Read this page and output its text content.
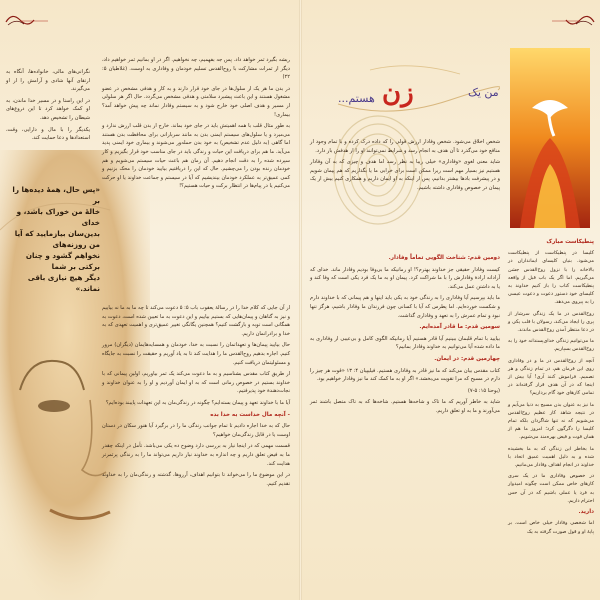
نگرانی‌های مالی، خانواده‌ها، آنگاه به ارتقای آنها شادی و آرامش را از او می‌گیرند.

در این راستا و در مسیر خدا ماندن، به او کمک خواهد کرد تا این دروغ‌های شیطان را تشخیص دهد.

یکدیگر را با مال و دارایی، وقت، استعدادها و دعا حمایت کند.

«پس حال، همهٔ دیده‌ها را بر
خالهٔ من خوراک باشد، و خدای
بدین‌سان بیازمایید که آیا من روزنه‌های
نخواهم گشود و چنان برکتی بر شما
دیگر هیچ نیازی باقی نماند.»

ریشه بگیرد ثمر خواهد داد. پس جه بفهمیم، چه نخواهیم. اگر در او بمانیم ثمر خواهیم داد، دیگر از ثمرات مشارکت با روح‌القدس تسلیم خودمان و وفاداری به اوست. (غلاطیان ۵: ۲۲)

در بدن ما هر یک از سلول‌ها در جای خود قرار دارند و به کار و هدفی مشخص در عضو مشغول هستند و این باعث پیشبرد سلامتی و هدفی مشخص می‌گردد. حال اگر هر سلولی از مسیر و هدف اصلی خود خارج شود و به سیستم وفادار نماند چه پیش خواهد آمد؟ بیماری!

به طور مثال قلب با همه اهمیتش باید در جای خود بماند. خارج از بدن قلب ارزش ندارد و می‌میرد و یا سلول‌های سیستم ایمنی بدن به مانند سربازانی برای محافظت بدن هستند اما گاهی (به دلیل عدم تشخیص) به خود بدن حمله‌ور می‌شوند و بیماری خود ایمنی پدید می‌آید. ما هم برای دریافت این حیات و زندگی باید در جای مناسب خود قرار بگیریم و کار سپرده شده را به دقت انجام دهیم. آن زمان هم باعث حیات سیستم می‌شویم و هم خودمان زنده بودن را می‌چشیم. حال که این را دریافتیم بیایید خودمان را محک بزنیم و کمی عمیق‌تر به عملکرد خودمان بیندیشیم که آیا در سیستم و جماعت خداوند یا او حرکت می‌کنیم یا در پیام‌ها در انتظار برکت و حیات هستیم؟!

از آن جایی که کلام خدا را در رسالهٔ یعقوب باب ۵: ۵ دعوت می‌کند تا چه ما به ما نه بیاییم و نیز به گناهان و پیمان‌هایی که بستیم بیاییم و این دعوت به ما تعیین شده است، دعوت به همگانی است توبه و بازگشت کنیم؟ همچنین یگانگی تغییر عمیق‌تری و اهمیت تعهدی که به خدا و برادرانمان داریم.

حال بیایید پیمان‌ها و تعهداتمان را نسبت به خدا، خودمان و همسایه‌هایمان (دیگران) مرور کنیم. اجازه بدهیم روح‌القدس ما را هدایت کند تا به یاد آوریم و حقیقت را نسبت به جایگاه و مسئولیتمان دریافت کنیم.

از طریق کتاب مقدس بشناسیم و به ما دعوت می‌کند یک ثمر بیاوریم، اولین پیمانی که با خداوند بستیم در خصوص زمانی است که به او ایمان آوردیم و او را به عنوان خداوند و نجات‌دهندهٔ خود پذیرفتیم.

آیا ما با خداوند تعهد و پیمان بسته‌ایم؟ چگونه در زندگی‌مان به این تعهدات پایبند بوده‌ایم؟

- آنچه مال خداست به خدا بده

حال که به خدا اجازه دادیم تا تمام جوانب زندگی ما را در برگیرد آیا هنوز سکان در دستان اوست یا در قابل زندگی‌مان خواهیم؟

قسمت مهمی که در اینجا نیاز به بررسی دارد وضوح ده یکی می‌باشد. تأمل در اینکه چقدر ما به فیض تعلق داریم و چه اندازه به خداوند نیاز داریم می‌تواند ما را به زندگی پرثمرتر هدایت کند.

در این موضوع ما را می‌خواند تا بتوانیم اهداف، آرزوها، گذشته و زندگی‌مان را به خداوند تقدیم کنیم.

من یک
زن
هستم...

شخص اخلاق می‌شود. شخص وفادار ارزش قولی را که داده درک کرده و با تمام وجود از منافع خود می‌گذرد تا آن هدف به انجام رسد و شرایط نمی‌توانند او را از هدفش باز دارد.

شاید معنی لغوی «وفاداری» خیلی زیبا به نظر رسد اما هدف و چیزی که به آن وفادار هستیم نیز بسیار مهم است زیرا ممکن است برای خرابی ما یا بگذاریم که هم پیمان شویم و در پیشرفت بادها بیشتر بدانیم، پس از اینکه به او ایمان داریم و همکاری کنیم بیش از یک پیمان در خصوص وفاداری داشته باشیم.

دومین قدم: شناخت الگویی تماماً وفادار.

کیست وفادار حقیقی جز خداوند بهترم؟! او زمانیکه ما بی‌وفا بودیم وفادار ماند. خدای که آزادانه ارادهٔ وفادارش را با ما شراکت کرد. پیمان او به ما یک فرد یکی است که وفا کند و یا به داشتن عمل می‌کند.

ما باید بپرسیم آیا وفاداری را به زندگی خود به یکی باید اینها و هم پیمانی که با خداوند دارم و شکست خورده‌ایم. اما پطرس که آیا با کسانی چون فرزندان ما وفادار باشیم، هرگز تنها نبود و تمام عمرش را به تعهد و وفاداری گذاشت.

سومین قدم: ما قادر آمده‌ایم.

بیایید با تمام قلبمان ببینیم آیا قادر هستیم آیا زمانیکه الگوی کامل و بی‌عیبی از وفاداری به ما داده شده آیا می‌توانیم به خداوند وفادار بمانیم؟

چهارمین قدم: در ایمان.

کتاب مقدس بیان می‌کند که ما نیز قادر به وفاداری هستیم. فیلیپیان ۴: ۱۳ «قوت هر چیز را دارم در مسیح که مرا تقویت می‌بخشد.» اگر او به ما کمک کند ما نیز وفادار خواهیم بود.

(یوحنا ۱۵: ۵-۷)

شاید به خاطر آوریم که ما تاک و شاخه‌ها هستیم. شاخه‌ها که به تاک متصل باشند ثمر می‌آورند و ما به او تعلق داریم.

پنطیکاست مبارک

کلیسا در پنطیکاست از پنطیکاست می‌شود. بنیان کلیسای ایمانداران در بالاخانه را با نزول روح‌القدس جشن می‌گیریم. اما اگر یک باب قبل از واقعه پنطیکاست کتاب را باز کنیم خداوند به کلیسای خود دستور دعوت و دعوت عیسی را به پیروی می‌دهد.

روح‌القدس در ما یک زندگی سرشار از پری را ایجاد می‌کند، رسولان با قلب یکی و در دعا منتظر آمدن روح‌القدس ماندند.

ما می‌توانیم زندگی خدای‌پسندانه خود را به روح‌القدس بسپاریم.

آنچه از روح‌القدس در ما و در وفاداری روی این فرمان هم، در تمام زندگی و هر تصمیم. فراموش کنند آری! آیا بیش از اینجا که در آن هدف قرار گرفته‌اند در تمامی کارهای خود گام برداریم؟

ما نیز به عنوان بدن مسیح به دنیا می‌آیم و در نتیجه شاهد کار عظیم روح‌القدس می‌شویم که نه تنها شاگردان بلکه تمام کلیسا را دگرگون کرد؛ امروز ما هم از همان قوت و فیض بهره‌مند می‌شویم.

ما بخاطر این زندگی که به ما بخشیده شده و به دلیل اهمیت عمیق اتحاد با خداوند در انجام اهداف وفادار می‌مانیم.

در خصوص وفاداری ما در یک سری کارهای خاص ممکن است چگونه امیدوار به فرد یا عملی باشیم که در آن حس احترام داریم.

دارید.

اما شخصی وفادار خیلی خاص است. بر پایهٔ او و قول صورت گرفته به یک
